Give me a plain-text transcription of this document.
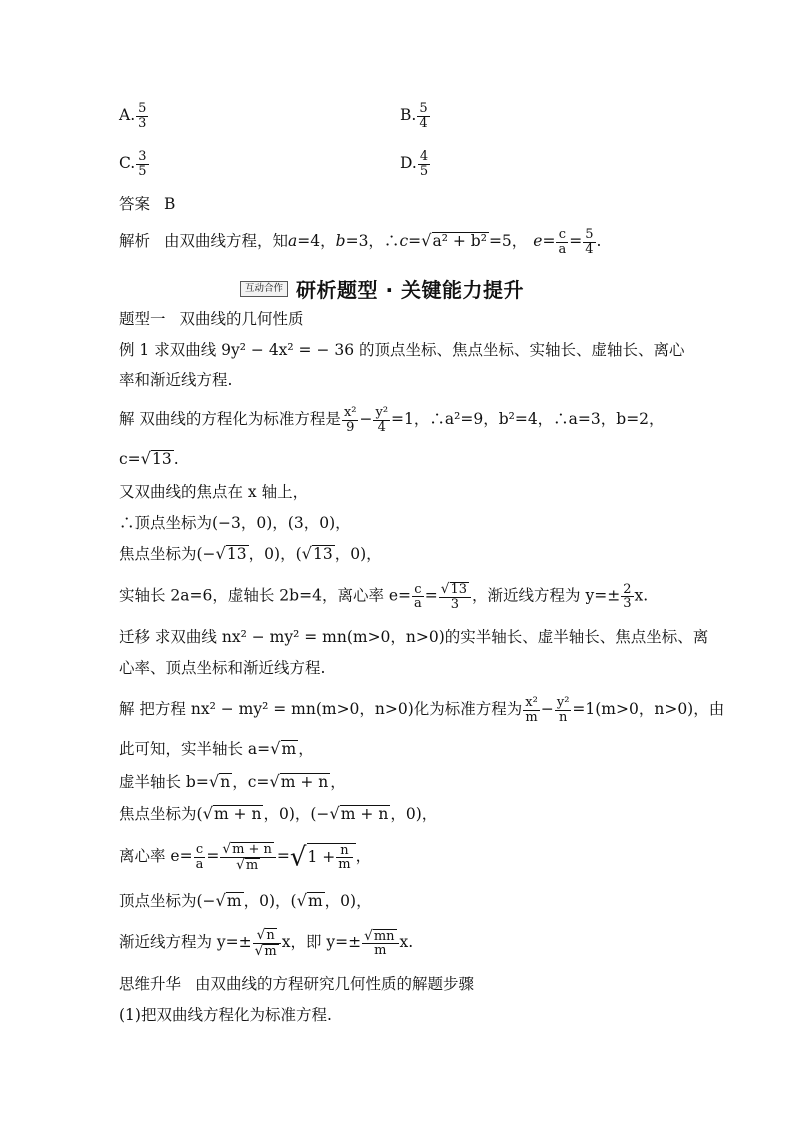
A. $\frac{5}{3}$	B. $\frac{5}{4}$
C. $\frac{3}{5}$	D. $\frac{4}{5}$
答案 B
解析 由双曲线方程，知a=4，b=3，∴c=√a² + b² =5， $e= \frac{c}{a} = \frac{5}{4}$ .
互动合作 研析题型 · 关键能力提升
题型一 双曲线的几何性质
例 1 求双曲线 9y² − 4x² = − 36 的顶点坐标、焦点坐标、实轴长、虚轴长、离心
率和渐近线方程.
解 双曲线的方程化为标准方程是 $\frac{\text{x²}}{9} - \frac{\text{y²}}{4} =1$，∴a²=9，b²=4，∴a=3，b=2，
c=√13 .
又双曲线的焦点在 x 轴上，
∴顶点坐标为(−3，0)，(3，0)，
焦点坐标为(−√13 ，0)，(√13 ，0)，
实轴长 2a=6，虚轴长 2b=4，离心率 $e= \frac{c}{a} = \frac{√13}{3}$ ，渐近线方程为 $y=\pm \frac{2}{3} x$.
迁移 求双曲线 nx² − my² = mn(m>0，n>0)的实半轴长、虚半轴长、焦点坐标、离
心率、顶点坐标和渐近线方程.
解 把方程 nx² − my² = mn(m>0，n>0)化为标准方程为 $\frac{\text{x²}}{m} - \frac{\text{y²}}{n} =1(m>0$，n>0)，由
此可知，实半轴长 a=√m ，
虚半轴长 b=√n ，c=√m + n ，
焦点坐标为(√m + n ，0)，(−√m + n ，0)，
离心率 $e= \frac{c}{a} = \frac{√m + n}{√m} =√1 + \frac{n}{m}$ ，
顶点坐标为(−√m ，0)，(√m ，0)，
渐近线方程为 $y=\pm \frac{√n}{√m}$ x，即 $y=\pm \frac{√mn}{m} x$.
思维升华 由双曲线的方程研究几何性质的解题步骤
(1)把双曲线方程化为标准方程.
